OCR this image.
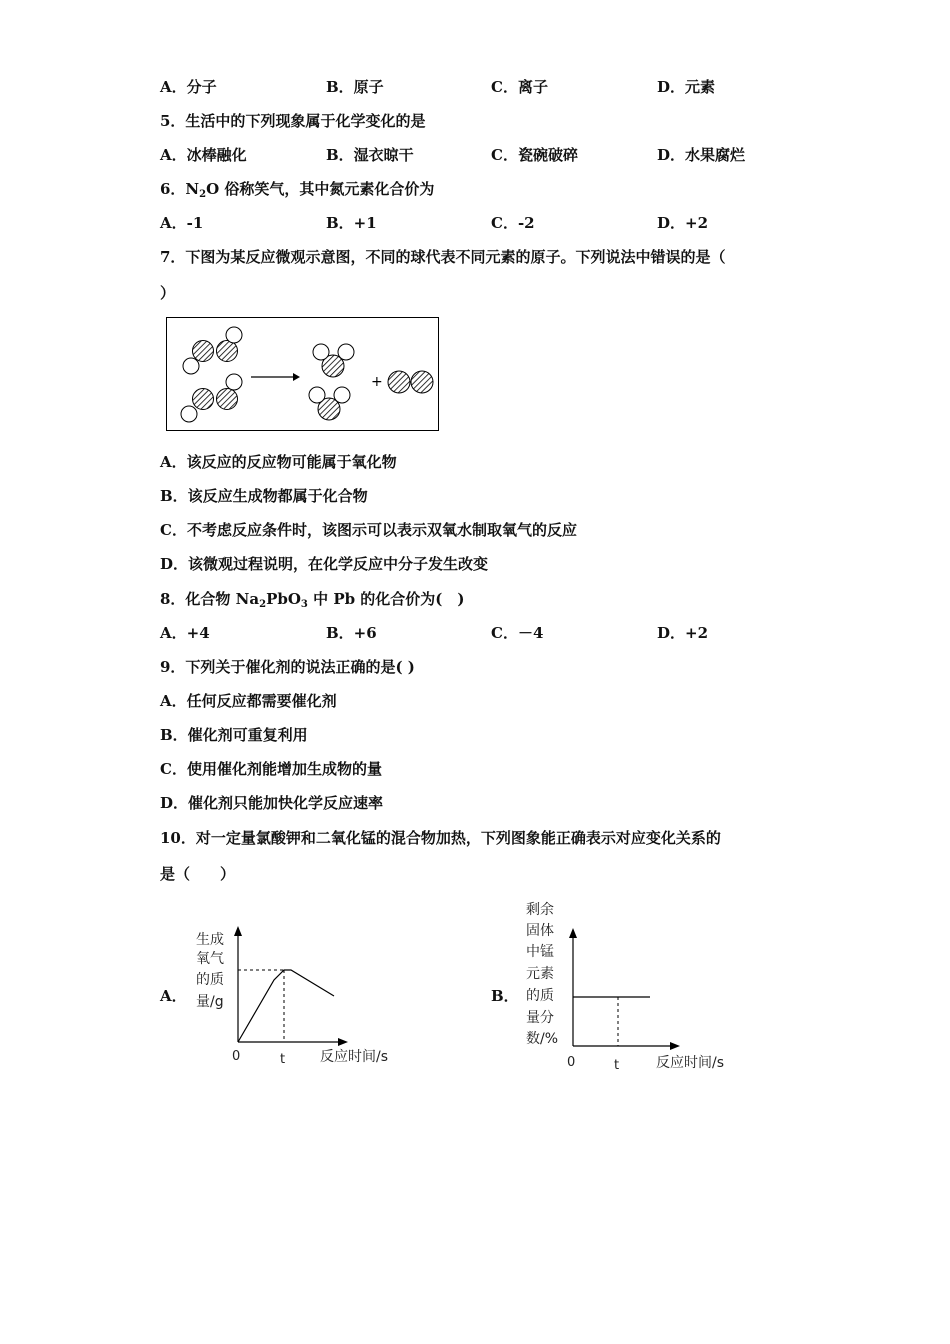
A．分子	B．原子	C．离子	D．元素
5．生活中的下列现象属于化学变化的是
A．冰棒融化	B．湿衣晾干	C．瓷碗破碎	D．水果腐烂
6．$N_2O$ 俗称笑气，其中氮元素化合价为
A．-1	B．+1	C．-2	D．+2
7．下图为某反应微观示意图，不同的球代表不同元素的原子。下列说法中错误的是（
）
+
A．该反应的反应物可能属于氧化物
B．该反应生成物都属于化合物
C．不考虑反应条件时，该图示可以表示双氧水制取氧气的反应
D．该微观过程说明，在化学反应中分子发生改变
8．化合物 $Na_2PbO_3$ 中 Pb 的化合价为(　)
A．+4	B．+6	C．－4	D．+2
9．下列关于催化剂的说法正确的是( )
A．任何反应都需要催化剂
B．催化剂可重复利用
C．使用催化剂能增加生成物的量
D．催化剂只能加快化学反应速率
10．对一定量氯酸钾和二氧化锰的混合物加热，下列图象能正确表示对应变化关系的
是（　　）
A．
生成
氧气
的质
量/g
0	t 反应时间/s
B．
剩余
固体
中锰
元素
的质
量分
数/%
0	t	反应时间/s
